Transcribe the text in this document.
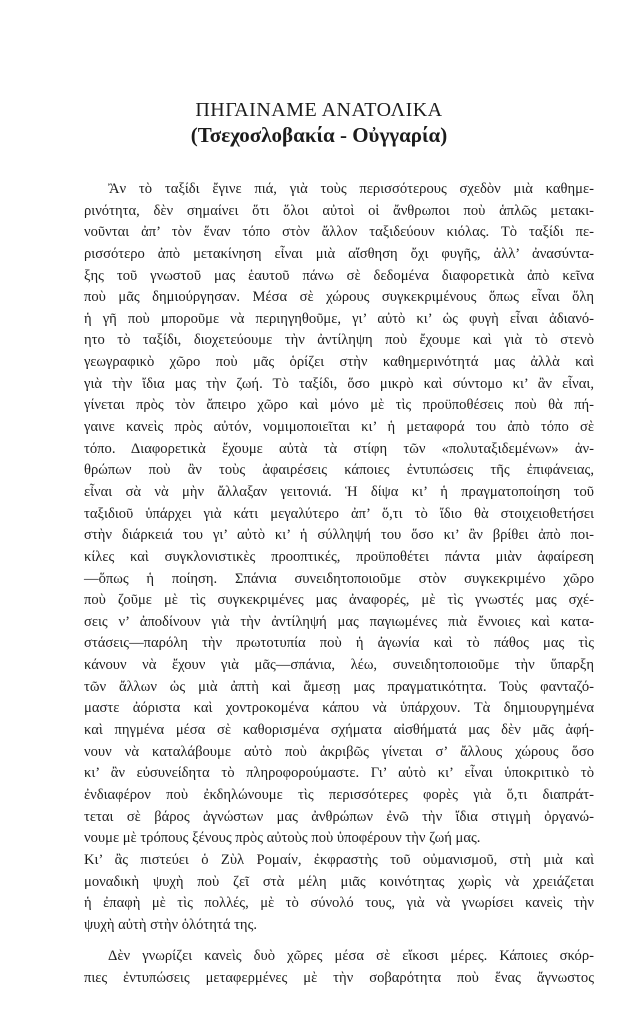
ΠΗΓΑΙΝΑΜΕ ΑΝΑΤΟΛΙΚΑ
(Τσεχοσλοβακία - Οὐγγαρία)
Ἂν τὸ ταξίδι ἔγινε πιά, γιὰ τοὺς περισσότερους σχεδὸν μιὰ καθημε-
ρινότητα, δὲν σημαίνει ὅτι ὅλοι αὐτοὶ οἱ ἄνθρωποι ποὺ ἁπλῶς μετακι-
νοῦνται ἀπ’ τὸν ἕναν τόπο στὸν ἄλλον ταξιδεύουν κιόλας. Τὸ ταξίδι πε-
ρισσότερο ἀπὸ μετακίνηση εἶναι μιὰ αἴσθηση ὄχι φυγῆς, ἀλλ’ ἀνασύντα-
ξης τοῦ γνωστοῦ μας ἑαυτοῦ πάνω σὲ δεδομένα διαφορετικὰ ἀπὸ κεῖνα
ποὺ μᾶς δημιούργησαν. Μέσα σὲ χώρους συγκεκριμένους ὅπως εἶναι ὅλη
ἡ γῆ ποὺ μποροῦμε νὰ περιηγηθοῦμε, γι’ αὐτὸ κι’ ὡς φυγὴ εἶναι ἀδιανό-
ητο τὸ ταξίδι, διοχετεύουμε τὴν ἀντίληψη ποὺ ἔχουμε καὶ γιὰ τὸ στενὸ
γεωγραφικὸ χῶρο ποὺ μᾶς ὁρίζει στὴν καθημερινότητά μας ἀλλὰ καὶ
γιὰ τὴν ἴδια μας τὴν ζωή. Τὸ ταξίδι, ὅσο μικρὸ καὶ σύντομο κι’ ἂν εἶναι,
γίνεται πρὸς τὸν ἄπειρο χῶρο καὶ μόνο μὲ τὶς προϋποθέσεις ποὺ θὰ πή-
γαινε κανεὶς πρὸς αὐτόν, νομιμοποιεῖται κι’ ἡ μεταφορά του ἀπὸ τόπο σὲ
τόπο. Διαφορετικὰ ἔχουμε αὐτὰ τὰ στίφη τῶν «πολυταξιδεμένων» ἀν-
θρώπων ποὺ ἂν τοὺς ἀφαιρέσεις κάποιες ἐντυπώσεις τῆς ἐπιφάνειας,
εἶναι σὰ νὰ μὴν ἄλλαξαν γειτονιά. Ἡ δίψα κι’ ἡ πραγματοποίηση τοῦ
ταξιδιοῦ ὑπάρχει γιὰ κάτι μεγαλύτερο ἀπ’ ὅ,τι τὸ ἴδιο θὰ στοιχειοθετήσει
στὴν διάρκειά του γι’ αὐτὸ κι’ ἡ σύλληψή του ὅσο κι’ ἂν βρίθει ἀπὸ ποι-
κίλες καὶ συγκλονιστικὲς προοπτικές, προϋποθέτει πάντα μιὰν ἀφαίρεση
—ὅπως ἡ ποίηση. Σπάνια συνειδητοποιοῦμε στὸν συγκεκριμένο χῶρο
ποὺ ζοῦμε μὲ τὶς συγκεκριμένες μας ἀναφορές, μὲ τὶς γνωστές μας σχέ-
σεις ν’ ἀποδίνουν γιὰ τὴν ἀντίληψή μας παγιωμένες πιὰ ἔννοιες καὶ κατα-
στάσεις—παρόλη τὴν πρωτοτυπία ποὺ ἡ ἀγωνία καὶ τὸ πάθος μας τὶς
κάνουν νὰ ἔχουν γιὰ μᾶς—σπάνια, λέω, συνειδητοποιοῦμε τὴν ὕπαρξη
τῶν ἄλλων ὡς μιὰ ἀπτὴ καὶ ἄμεσῃ μας πραγματικότητα. Τοὺς φανταζό-
μαστε ἀόριστα καὶ χοντροκομένα κάπου νὰ ὑπάρχουν. Τὰ δημιουργημένα
καὶ πηγμένα μέσα σὲ καθορισμένα σχήματα αἰσθήματά μας δὲν μᾶς ἀφή-
νουν νὰ καταλάβουμε αὐτὸ ποὺ ἀκριβῶς γίνεται σ’ ἄλλους χώρους ὅσο
κι’ ἂν εὐσυνείδητα τὸ πληροφορούμαστε. Γι’ αὐτὸ κι’ εἶναι ὑποκριτικὸ τὸ
ἐνδιαφέρον ποὺ ἐκδηλώνουμε τὶς περισσότερες φορὲς γιὰ ὅ,τι διαπράτ-
τεται σὲ βάρος ἀγνώστων μας ἀνθρώπων ἐνῶ τὴν ἴδια στιγμὴ ὀργανώ-
νουμε μὲ τρόπους ξένους πρὸς αὐτοὺς ποὺ ὑποφέρουν τὴν ζωή μας.
Κι’ ἂς πιστεύει ὁ Ζὺλ Ρομαίν, ἐκφραστὴς τοῦ οὐμανισμοῦ, στὴ μιὰ καὶ
μοναδικὴ ψυχὴ ποὺ ζεῖ στὰ μέλη μιᾶς κοινότητας χωρὶς νὰ χρειάζεται
ἡ ἐπαφὴ μὲ τὶς πολλές, μὲ τὸ σύνολό τους, γιὰ νὰ γνωρίσει κανεὶς τὴν
ψυχὴ αὐτὴ στὴν ὁλότητά της.
Δὲν γνωρίζει κανεὶς δυὸ χῶρες μέσα σὲ εἴκοσι μέρες. Κάποιες σκόρ-
πιες ἐντυπώσεις μεταφερμένες μὲ τὴν σοβαρότητα ποὺ ἕνας ἄγνωστος
